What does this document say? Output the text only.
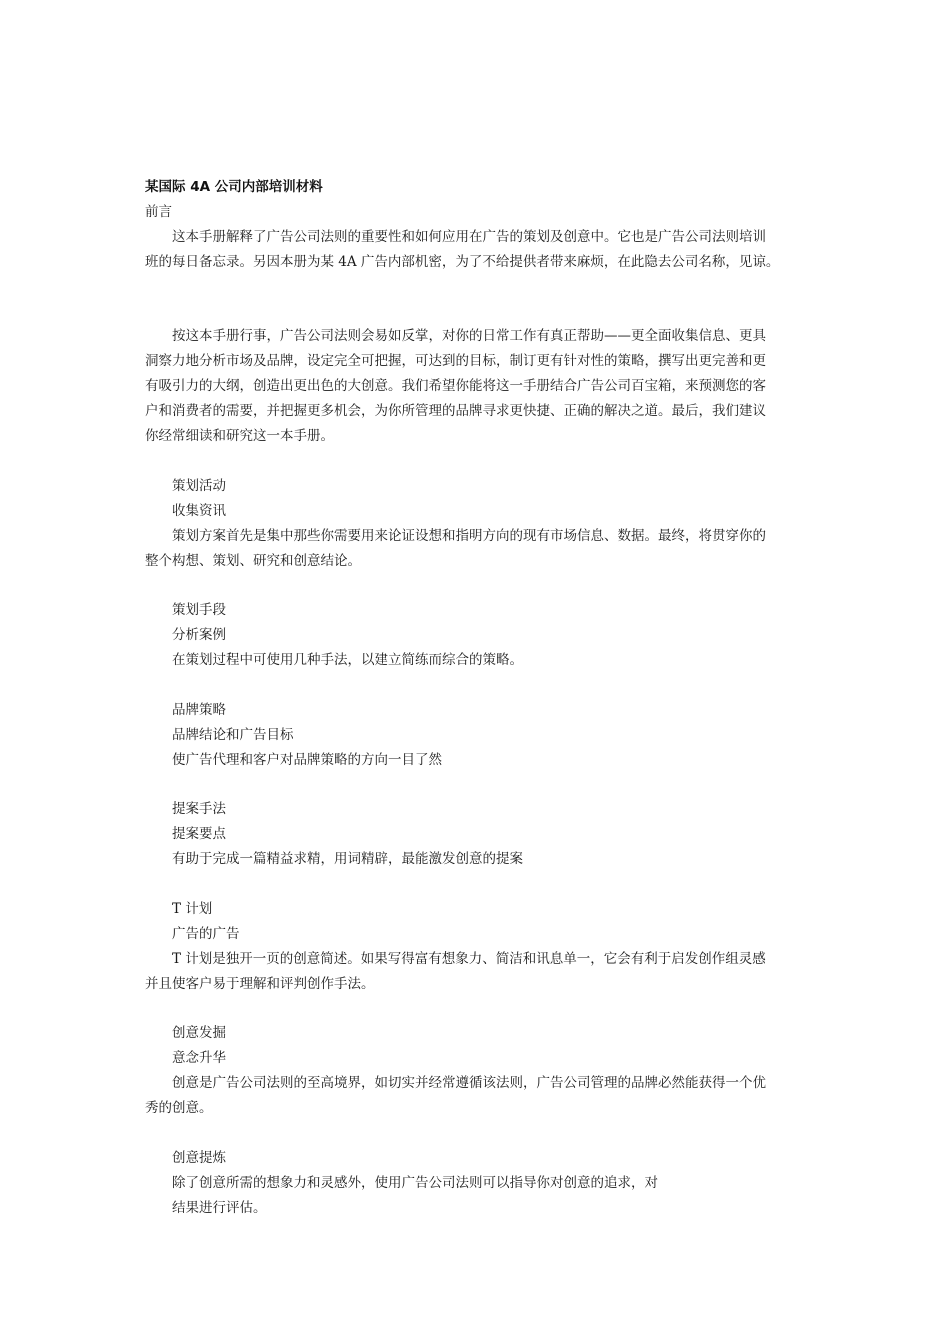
某国际 4A 公司内部培训材料
前言
这本手册解释了广告公司法则的重要性和如何应用在广告的策划及创意中。它也是广告公司法则培训
班的每日备忘录。另因本册为某 4A 广告内部机密，为了不给提供者带来麻烦，在此隐去公司名称，见谅。
按这本手册行事，广告公司法则会易如反掌，对你的日常工作有真正帮助——更全面收集信息、更具
洞察力地分析市场及品牌，设定完全可把握，可达到的目标，制订更有针对性的策略，撰写出更完善和更
有吸引力的大纲，创造出更出色的大创意。我们希望你能将这一手册结合广告公司百宝箱，来预测您的客
户和消费者的需要，并把握更多机会，为你所管理的品牌寻求更快捷、正确的解决之道。最后，我们建议
你经常细读和研究这一本手册。
策划活动
收集资讯
策划方案首先是集中那些你需要用来论证设想和指明方向的现有市场信息、数据。最终，将贯穿你的
整个构想、策划、研究和创意结论。
策划手段
分析案例
在策划过程中可使用几种手法，以建立简练而综合的策略。
品牌策略
品牌结论和广告目标
使广告代理和客户对品牌策略的方向一目了然
提案手法
提案要点
有助于完成一篇精益求精，用词精辟，最能激发创意的提案
T 计划
广告的广告
T 计划是独开一页的创意简述。如果写得富有想象力、简洁和讯息单一，它会有利于启发创作组灵感
并且使客户易于理解和评判创作手法。
创意发掘
意念升华
创意是广告公司法则的至高境界，如切实并经常遵循该法则，广告公司管理的品牌必然能获得一个优
秀的创意。
创意提炼
除了创意所需的想象力和灵感外，使用广告公司法则可以指导你对创意的追求，对
结果进行评估。
